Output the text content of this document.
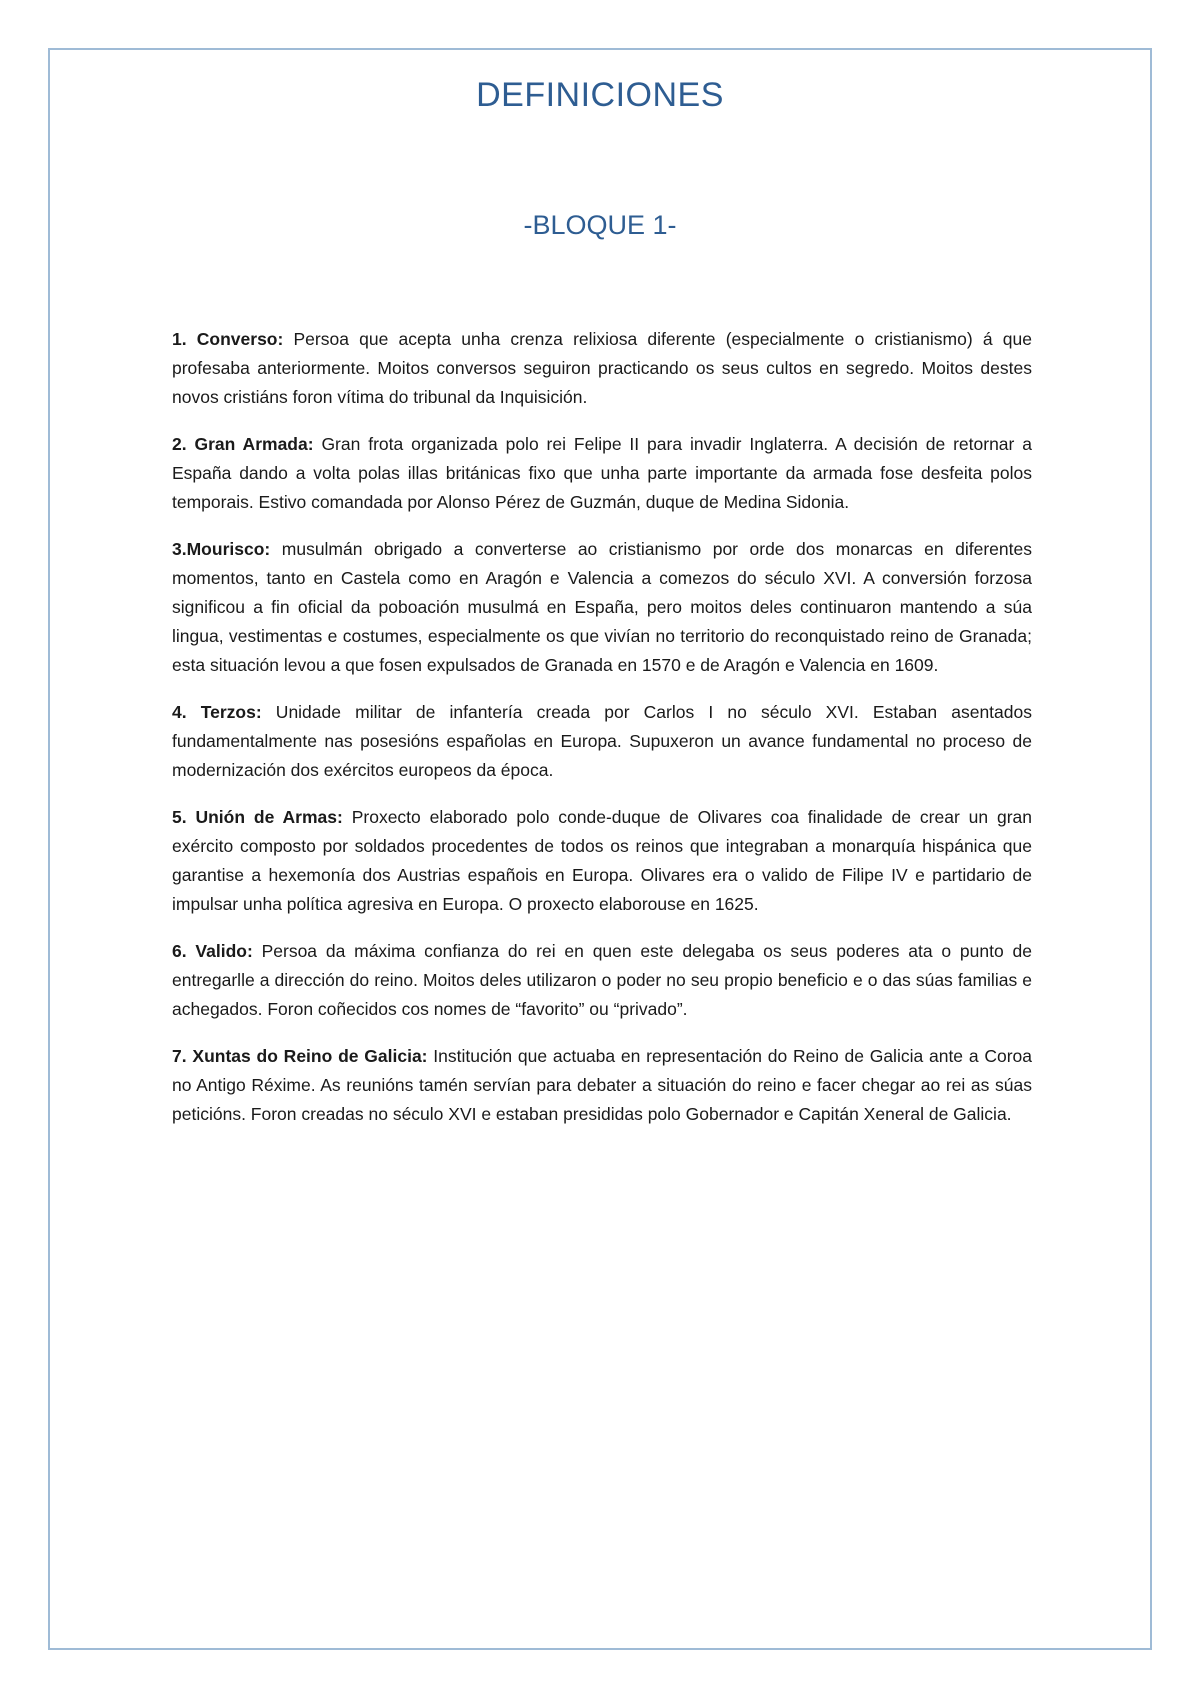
DEFINICIONES
-BLOQUE 1-

1. Converso: Persoa que acepta unha crenza relixiosa diferente (especialmente o cristianismo) á que profesaba anteriormente. Moitos conversos seguiron practicando os seus cultos en segredo. Moitos destes novos cristiáns foron vítima do tribunal da Inquisición.

2. Gran Armada: Gran frota organizada polo rei Felipe II para invadir Inglaterra. A decisión de retornar a España dando a volta polas illas británicas fixo que unha parte importante da armada fose desfeita polos temporais. Estivo comandada por Alonso Pérez de Guzmán, duque de Medina Sidonia.

3.Mourisco: musulmán obrigado a converterse ao cristianismo por orde dos monarcas en diferentes momentos, tanto en Castela como en Aragón e Valencia a comezos do século XVI. A conversión forzosa significou a fin oficial da poboación musulmá en España, pero moitos deles continuaron mantendo a súa lingua, vestimentas e costumes, especialmente os que vivían no territorio do reconquistado reino de Granada; esta situación levou a que fosen expulsados de Granada en 1570 e de Aragón e Valencia en 1609.

4. Terzos: Unidade militar de infantería creada por Carlos I no século XVI. Estaban asentados fundamentalmente nas posesións españolas en Europa. Supuxeron un avance fundamental no proceso de modernización dos exércitos europeos da época.

5. Unión de Armas: Proxecto elaborado polo conde-duque de Olivares coa finalidade de crear un gran exército composto por soldados procedentes de todos os reinos que integraban a monarquía hispánica que garantise a hexemonía dos Austrias españois en Europa. Olivares era o valido de Filipe IV e partidario de impulsar unha política agresiva en Europa. O proxecto elaborouse en 1625.

6. Valido: Persoa da máxima confianza do rei en quen este delegaba os seus poderes ata o punto de entregarlle a dirección do reino. Moitos deles utilizaron o poder no seu propio beneficio e o das súas familias e achegados. Foron coñecidos cos nomes de “favorito” ou “privado”.

7. Xuntas do Reino de Galicia: Institución que actuaba en representación do Reino de Galicia ante a Coroa no Antigo Réxime. As reunións tamén servían para debater a situación do reino e facer chegar ao rei as súas peticións. Foron creadas no século XVI e estaban presididas polo Gobernador e Capitán Xeneral de Galicia.
